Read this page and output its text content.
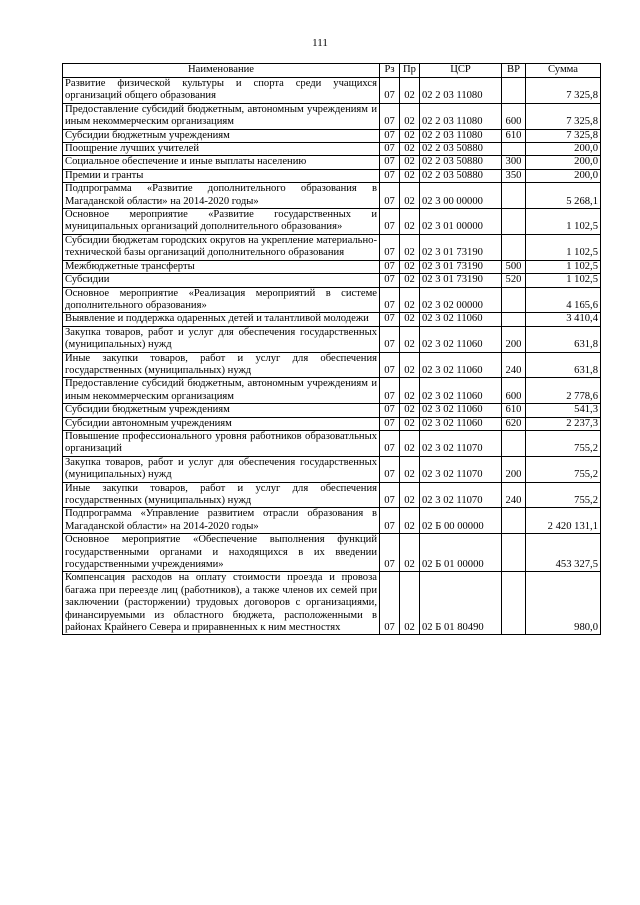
111
Наименование	Рз	Пр	ЦСР	ВР	Сумма
Развитие физической культуры и спорта среди учащихся организаций общего образования	07	02	02 2 03 11080		7 325,8
Предоставление субсидий бюджетным, автономным учреждениям и иным некоммерческим организациям	07	02	02 2 03 11080	600	7 325,8
Субсидии бюджетным учреждениям	07	02	02 2 03 11080	610	7 325,8
Поощрение лучших учителей	07	02	02 2 03 50880		200,0
Социальное обеспечение и иные выплаты населению	07	02	02 2 03 50880	300	200,0
Премии и гранты	07	02	02 2 03 50880	350	200,0
Подпрограмма «Развитие дополнительного образования в Магаданской области» на 2014-2020 годы»	07	02	02 3 00 00000		5 268,1
Основное мероприятие «Развитие государственных и муниципальных организаций дополнительного образования»	07	02	02 3 01 00000		1 102,5
Субсидии бюджетам городских округов на укрепление материально-технической базы организаций дополнительного образования	07	02	02 3 01 73190		1 102,5
Межбюджетные трансферты	07	02	02 3 01 73190	500	1 102,5
Субсидии	07	02	02 3 01 73190	520	1 102,5
Основное мероприятие «Реализация мероприятий в системе дополнительного образования»	07	02	02 3 02 00000		4 165,6
Выявление и поддержка одаренных детей и талантливой молодежи	07	02	02 3 02 11060		3 410,4
Закупка товаров, работ и услуг для обеспечения государственных (муниципальных) нужд	07	02	02 3 02 11060	200	631,8
Иные закупки товаров, работ и услуг для обеспечения государственных (муниципальных) нужд	07	02	02 3 02 11060	240	631,8
Предоставление субсидий бюджетным, автономным учреждениям и иным некоммерческим организациям	07	02	02 3 02 11060	600	2 778,6
Субсидии бюджетным учреждениям	07	02	02 3 02 11060	610	541,3
Субсидии автономным учреждениям	07	02	02 3 02 11060	620	2 237,3
Повышение профессионального уровня работников образоватльных организаций	07	02	02 3 02 11070		755,2
Закупка товаров, работ и услуг для обеспечения государственных (муниципальных) нужд	07	02	02 3 02 11070	200	755,2
Иные закупки товаров, работ и услуг для обеспечения государственных (муниципальных) нужд	07	02	02 3 02 11070	240	755,2
Подпрограмма «Управление развитием отрасли образования в Магаданской области» на 2014-2020 годы»	07	02	02 Б 00 00000		2 420 131,1
Основное мероприятие «Обеспечение выполнения функций государственными органами и находящихся в их введении государственными учреждениями»	07	02	02 Б 01 00000		453 327,5
Компенсация расходов на оплату стоимости проезда и провоза багажа при переезде лиц (работников), а также членов их семей при заключении (расторжении) трудовых договоров с организациями, финансируемыми из областного бюджета, расположенными в районах Крайнего Севера и приравненных к ним местностях	07	02	02 Б 01 80490		980,0
